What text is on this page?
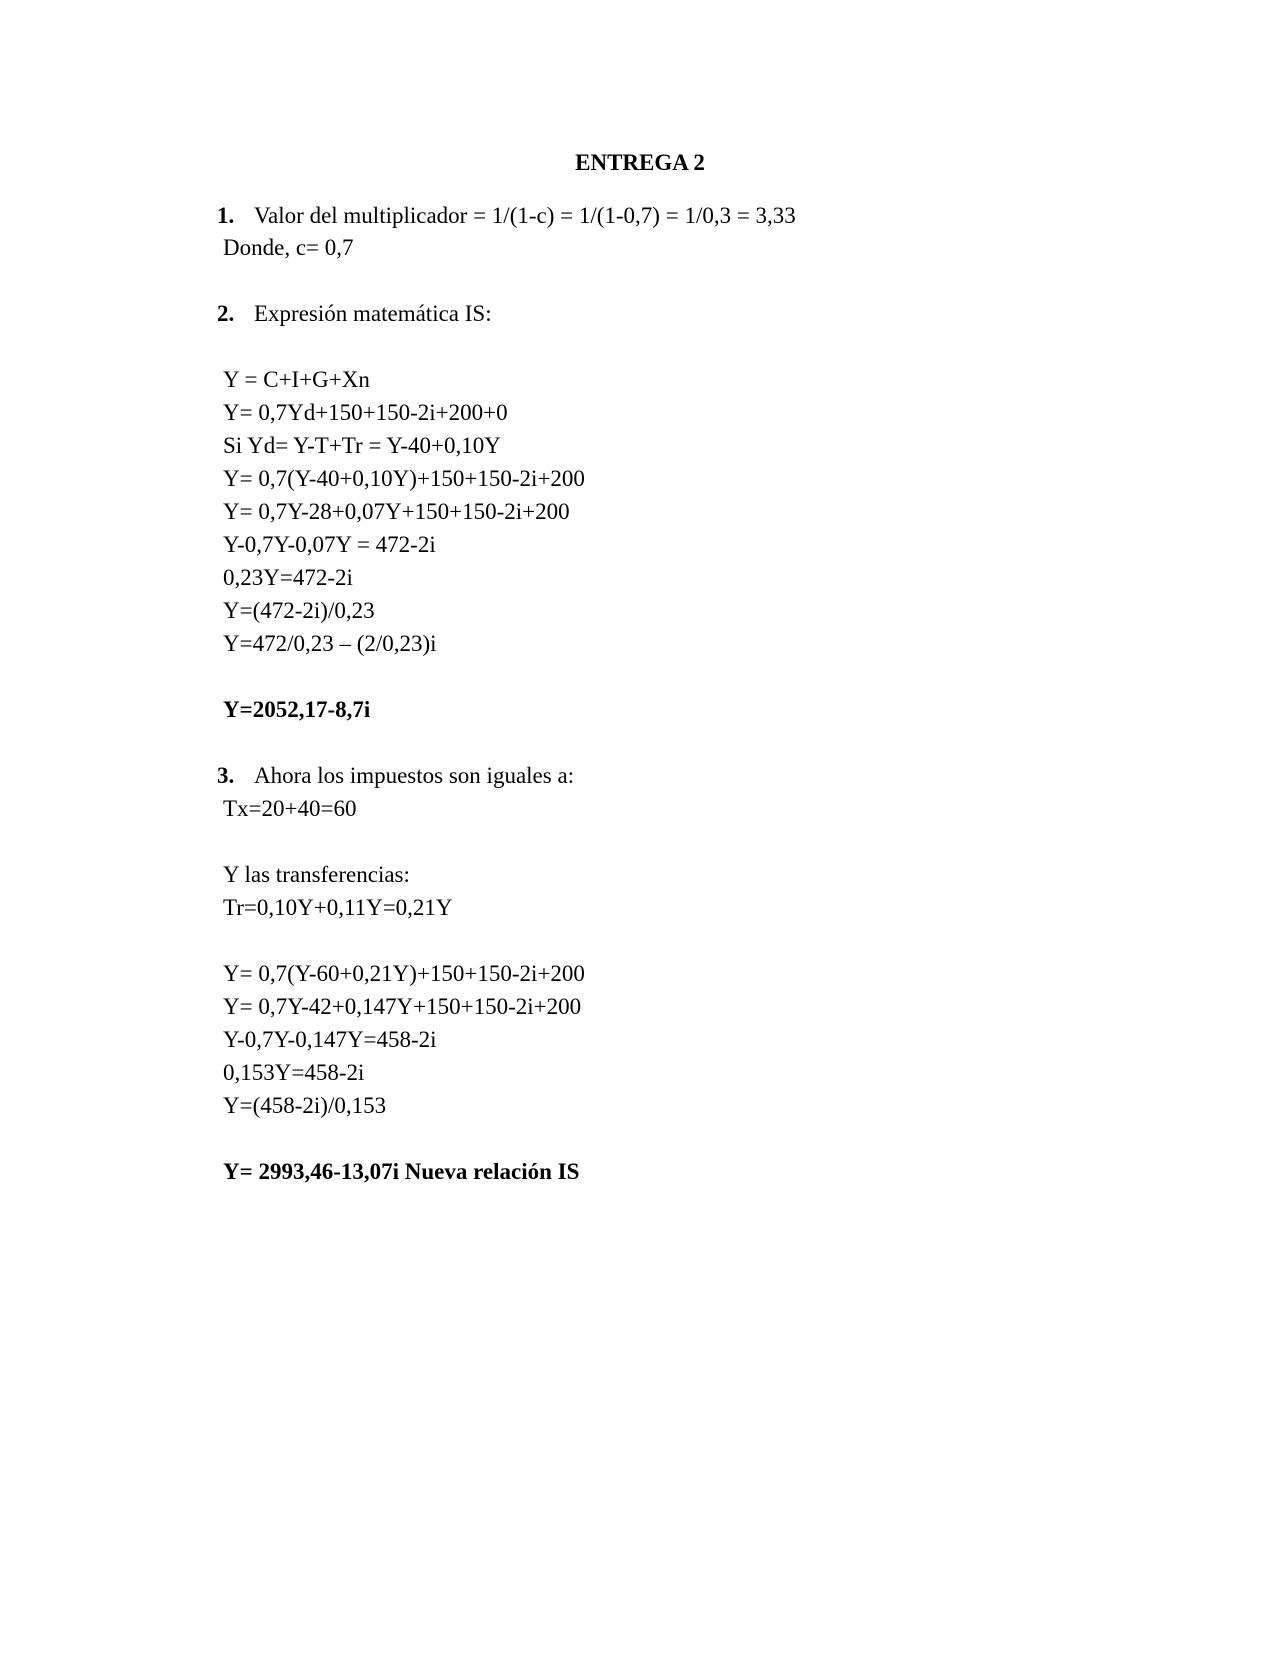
ENTREGA 2
1. Valor del multiplicador = 1/(1-c) = 1/(1-0,7) = 1/0,3 = 3,33
Donde, c= 0,7
2. Expresión matemática IS:
Y = C+I+G+Xn
Y= 0,7Yd+150+150-2i+200+0
Si Yd= Y-T+Tr = Y-40+0,10Y
Y= 0,7(Y-40+0,10Y)+150+150-2i+200
Y= 0,7Y-28+0,07Y+150+150-2i+200
Y-0,7Y-0,07Y = 472-2i
0,23Y=472-2i
Y=(472-2i)/0,23
Y=472/0,23 – (2/0,23)i
Y=2052,17-8,7i
3. Ahora los impuestos son iguales a:
Tx=20+40=60
Y las transferencias:
Tr=0,10Y+0,11Y=0,21Y
Y= 0,7(Y-60+0,21Y)+150+150-2i+200
Y= 0,7Y-42+0,147Y+150+150-2i+200
Y-0,7Y-0,147Y=458-2i
0,153Y=458-2i
Y=(458-2i)/0,153
Y= 2993,46-13,07i Nueva relación IS
